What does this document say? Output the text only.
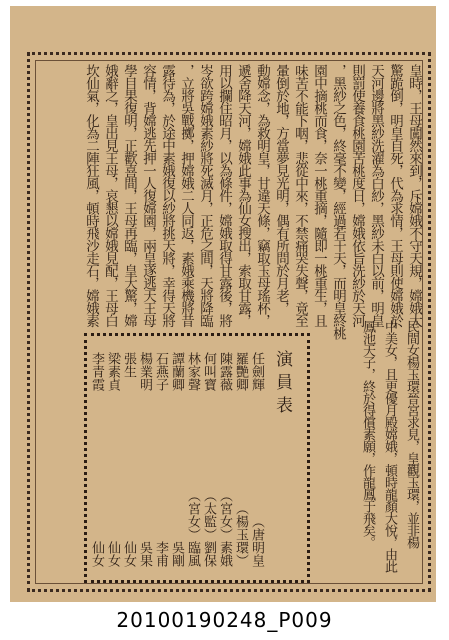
皇時，王母闖然來到，斥嫦娥不守天規，嫦娥大
驚跪倒，明皇自死，代為求情，王母則使嫦娥於
天河邊將黑紗洗濯為白紗，黑紗未白以前，明皇
則罰使養食桃園苦桃度日，嫦娥依旨洗紗於天河
，黑紗之色，終毫不變，經過若干天，而明皇終桃
園中摘桃而食，奈一桃重摘，隨即一桃重生，且
味苦不能下咽，悲從中來，不禁痛哭失聲，竟至
暈倒於地，方當夢見光明，偶有所問於月老，
動嫦念，為救明皇，甘違天條，竊取玉母瑤杯，
遞舍降天河，嫦娥此事為仙女搜出，索取甘露，
用以攔住昭月，以為條件，嫦娥取得甘露後，將
岑欲跨嫦娥素紗將死滅月，正危之間，天將降臨
，立將吳戰擲，押嫦娥二人同返，素娥乘機將昔
露待為，於途中素娥復以紗將挑天將，幸得天將
容情，背嫦逃先押一人復嫦園，兩皇遂逃天王母
學目果復明，正歡喜間，王母再臨，皇大驚，嫦
娥辭之，皇出見王母，哀懇以嫦娥見配，王母白
坎仙氣，化為二陣狂風，頓時飛沙走石，嫦娥素
民間女楊玉環晉宮求見，皇觀玉環，並非楊
中美女，且更優月殿嫦娥，頓時龍顏大悅，由此
鳳池天子，終於得償素願，作龍鳳于飛矣。
演員表
任劍輝
（唐明皇
羅艷卿
（楊玉環）
陳露薇
（宮女）素娥
何叫寶
（太監）劉保
林家聲
（宮女）臨風
譚蘭卿
吳剛
石燕子
李甫
楊業明
吳果
張生
仙女
梁素貞
仙女
李青霞
仙女
20100190248_P009
